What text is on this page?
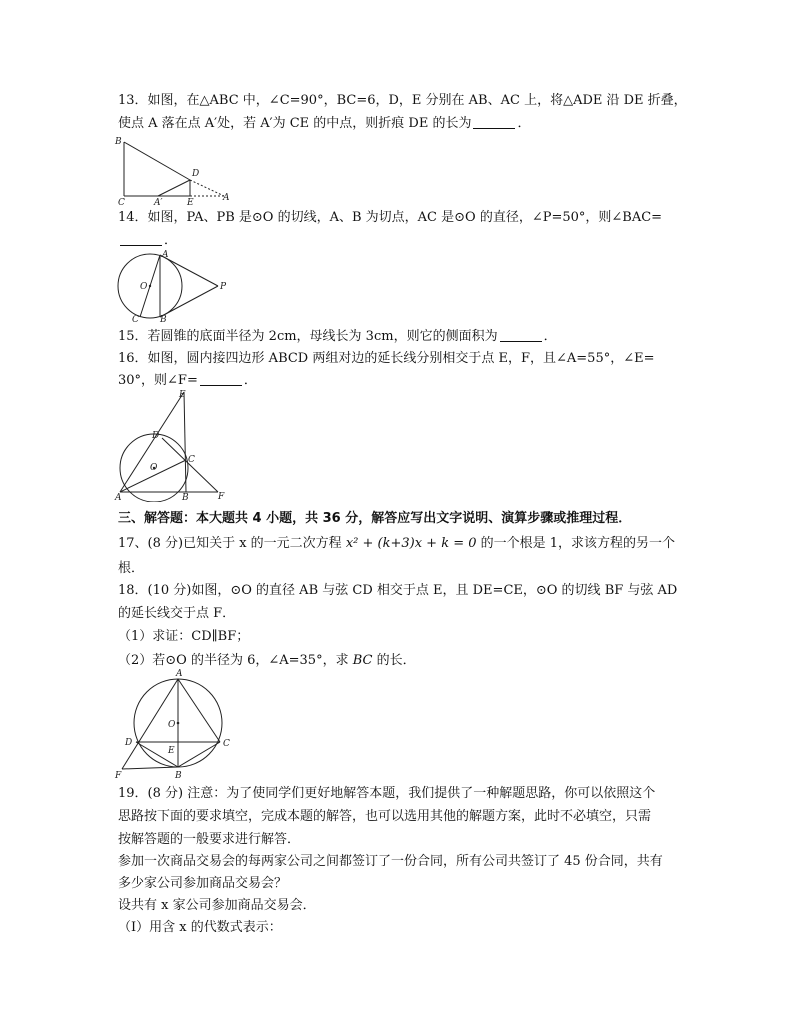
13．如图，在△ABC 中，∠C=90°，BC=6，D，E 分别在 AB、AC 上，将△ADE 沿 DE 折叠，
使点 A 落在点 A′处，若 A′为 CE 的中点，则折痕 DE 的长为	．
B
D
C	A′	E	A
14．如图，PA、PB 是⊙O 的切线，A、B 为切点，AC 是⊙O 的直径，∠P=50°，则∠BAC=
．
A
O
C B
P
15．若圆锥的底面半径为 2cm，母线长为 3cm，则它的侧面积为	．
16．如图，圆内接四边形 ABCD 两组对边的延长线分别相交于点 E，F，且∠A=55°，∠E=
30°，则∠F=	．
E
D
O
C
A	B	F
三、解答题：本大题共 4 小题，共 36 分，解答应写出文字说明、演算步骤或推理过程．
17、(8 分)已知关于 x 的一元二次方程 x² + (k+3)x + k = 0 的一个根是 1，求该方程的另一个
根．
18．(10 分)如图，⊙O 的直径 AB 与弦 CD 相交于点 E，且 DE=CE，⊙O 的切线 BF 与弦 AD
的延长线交于点 F．
（1）求证：CD∥BF；
（2）若⊙O 的半径为 6，∠A=35°，求 BC 的长．
A
O
D
E
C
F	B
19．(8 分) 注意：为了使同学们更好地解答本题，我们提供了一种解题思路，你可以依照这个
思路按下面的要求填空，完成本题的解答，也可以选用其他的解题方案，此时不必填空，只需
按解答题的一般要求进行解答．
参加一次商品交易会的每两家公司之间都签订了一份合同，所有公司共签订了 45 份合同，共有
多少家公司参加商品交易会？
设共有 x 家公司参加商品交易会．
（Ⅰ）用含 x 的代数式表示：
